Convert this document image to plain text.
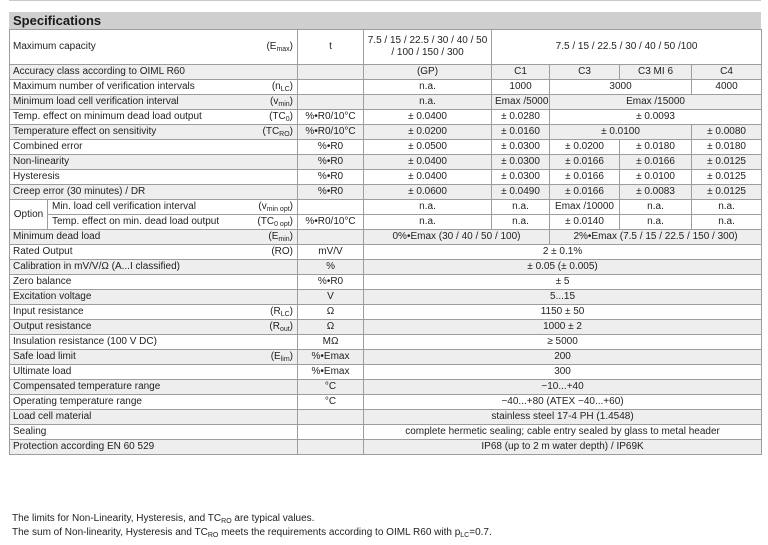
Specifications
Maximum capacity $(E_{max})$		t	7.5 / 15 / 22.5 / 30 / 40 / 50 / 100 / 150 / 300	7.5 / 15 / 22.5 / 30 / 40 / 50 /100			
Accuracy class according to OIML R60			(GP)	C1	C3	C3 MI 6	C4

Maximum number of verification intervals $(n_{LC})$			n.a.	1000	3000		4000

Minimum load cell verification interval $(v_{min})$			n.a.	Emax /5000	Emax /15000		

Temp. effect on minimum dead load output $(TC_0)$		%•R0/10°C	± 0.0400	± 0.0280	± 0.0093		

Temperature effect on sensitivity $(TC_{RO})$		%•R0/10°C	± 0.0200	± 0.0160	± 0.0100		± 0.0080
Combined error		%•R0	± 0.0500	± 0.0300	± 0.0200	± 0.0180	± 0.0180
Non-linearity		%•R0	± 0.0400	± 0.0300	± 0.0166	± 0.0166	± 0.0125
Hysteresis		%•R0	± 0.0400	± 0.0300	± 0.0166	± 0.0100	± 0.0125
Creep error (30 minutes) / DR		%•R0	± 0.0600	± 0.0490	± 0.0166	± 0.0083	± 0.0125
Option	Min. load cell verification interval $(v_{min opt})$		n.a.	n.a.	Emax /10000	n.a.	n.a.

	Temp. effect on min. dead load output $(TC_{0 opt})$	%•R0/10°C	n.a.	n.a.	± 0.0140	n.a.	n.a.

Minimum dead load $(E_{min})$			0%•Emax (30 / 40 / 50 / 100)		2%•Emax (7.5 / 15 / 22.5 / 150 / 300)		

Rated Output (RO)		mV/V	2 ± 0.1%				
Calibration in mV/V/Ω (A...I classified)		%	± 0.05 (± 0.005)				
Zero balance		%•R0	± 5				
Excitation voltage		V	5...15				

Input resistance $(R_{LC})$		Ω	1150 ± 50				

Output resistance $(R_{out})$		Ω	1000 ± 2				
Insulation resistance (100 V DC)		MΩ	≥ 5000				

Safe load limit $(E_{lim})$		%•Emax	200				
Ultimate load		%•Emax	300				
Compensated temperature range		°C	−10...+40				
Operating temperature range		°C	−40...+80 (ATEX −40...+60)				
Load cell material			stainless steel 17-4 PH (1.4548)				
Sealing			complete hermetic sealing; cable entry sealed by glass to metal header				
Protection according EN 60 529			IP68 (up to 2 m water depth) / IP69K				
The limits for Non-Linearity, Hysteresis, and $TC_{RO}$ are typical values.
The sum of Non-linearity, Hysteresis and $TC_{RO}$ meets the requirements according to OIML R60 with $p_{LC}=0.7$.
